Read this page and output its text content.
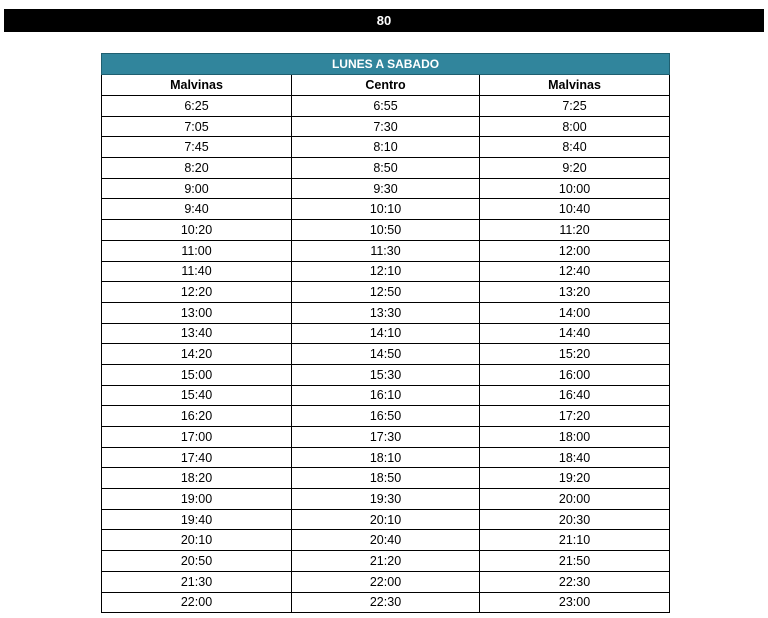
80
LUNES A SABADO		
Malvinas	Centro	Malvinas
6:25	6:55	7:25
7:05	7:30	8:00
7:45	8:10	8:40
8:20	8:50	9:20
9:00	9:30	10:00
9:40	10:10	10:40
10:20	10:50	11:20
11:00	11:30	12:00
11:40	12:10	12:40
12:20	12:50	13:20
13:00	13:30	14:00
13:40	14:10	14:40
14:20	14:50	15:20
15:00	15:30	16:00
15:40	16:10	16:40
16:20	16:50	17:20
17:00	17:30	18:00
17:40	18:10	18:40
18:20	18:50	19:20
19:00	19:30	20:00
19:40	20:10	20:30
20:10	20:40	21:10
20:50	21:20	21:50
21:30	22:00	22:30
22:00	22:30	23:00
